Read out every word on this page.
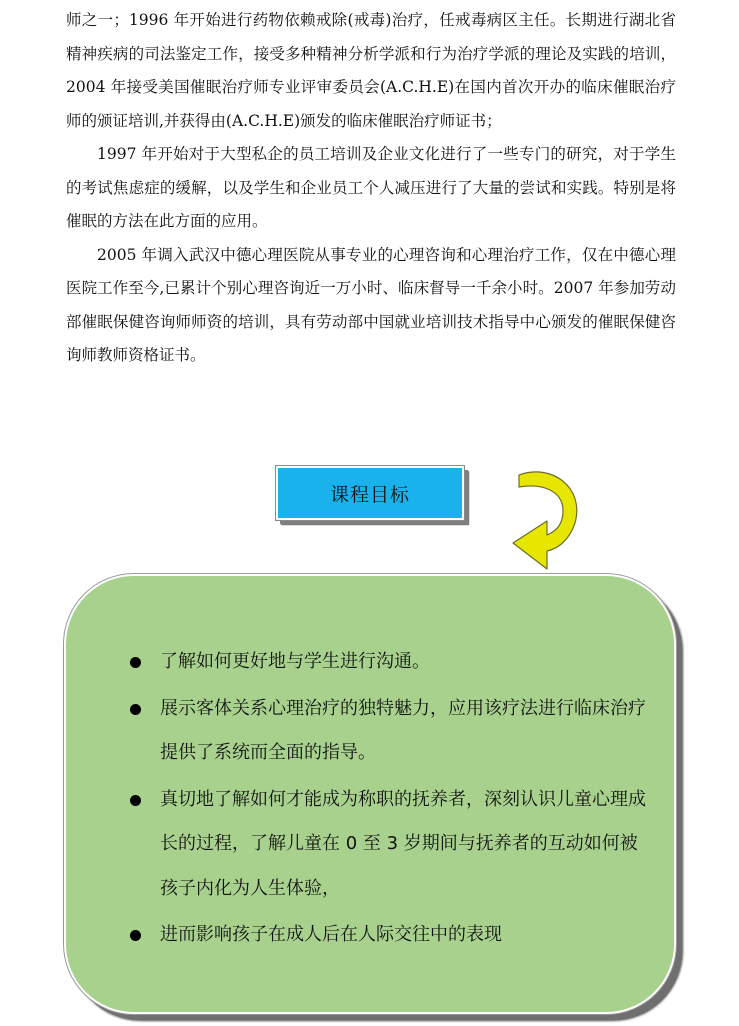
师之一；1996 年开始进行药物依赖戒除(戒毒)治疗，任戒毒病区主任。长期进行湖北省精神疾病的司法鉴定工作，接受多种精神分析学派和行为治疗学派的理论及实践的培训，2004 年接受美国催眠治疗师专业评审委员会(A.C.H.E)在国内首次开办的临床催眠治疗师的颁证培训,并获得由(A.C.H.E)颁发的临床催眠治疗师证书；

1997 年开始对于大型私企的员工培训及企业文化进行了一些专门的研究，对于学生的考试焦虑症的缓解，以及学生和企业员工个人减压进行了大量的尝试和实践。特别是将催眠的方法在此方面的应用。

2005 年调入武汉中德心理医院从事专业的心理咨询和心理治疗工作，仅在中德心理医院工作至今,已累计个别心理咨询近一万小时、临床督导一千余小时。2007 年参加劳动部催眠保健咨询师师资的培训，具有劳动部中国就业培训技术指导中心颁发的催眠保健咨询师教师资格证书。

课程目标
了解如何更好地与学生进行沟通。
展示客体关系心理治疗的独特魅力，应用该疗法进行临床治疗提供了系统而全面的指导。
真切地了解如何才能成为称职的抚养者，深刻认识儿童心理成长的过程，了解儿童在 0 至 3 岁期间与抚养者的互动如何被孩子内化为人生体验，
进而影响孩子在成人后在人际交往中的表现
